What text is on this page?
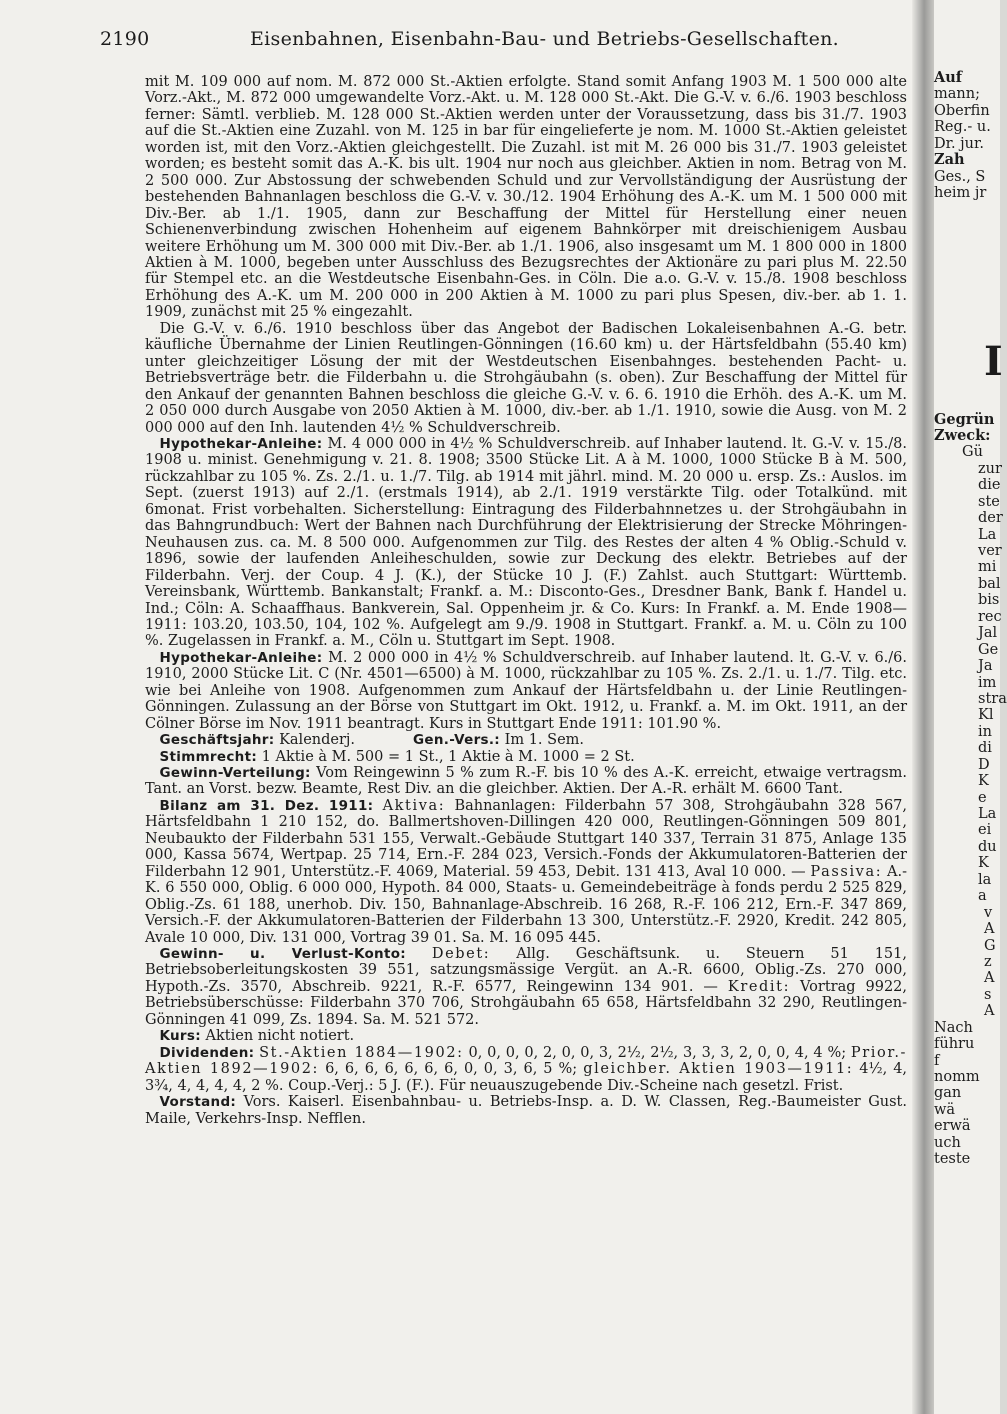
2190	Eisenbahnen, Eisenbahn-Bau- und Betriebs-Gesellschaften.

mit M. 109 000 auf nom. M. 872 000 St.-Aktien erfolgte. Stand somit Anfang 1903 M. 1 500 000 alte Vorz.-Akt., M. 872 000 umgewandelte Vorz.-Akt. u. M. 128 000 St.-Akt. Die G.-V. v. 6./6. 1903 beschloss ferner: Sämtl. verblieb. M. 128 000 St.-Aktien werden unter der Voraussetzung, dass bis 31./7. 1903 auf die St.-Aktien eine Zuzahl. von M. 125 in bar für eingelieferte je nom. M. 1000 St.-Aktien geleistet worden ist, mit den Vorz.-Aktien gleichgestellt. Die Zuzahl. ist mit M. 26 000 bis 31./7. 1903 geleistet worden; es besteht somit das A.-K. bis ult. 1904 nur noch aus gleichber. Aktien in nom. Betrag von M. 2 500 000. Zur Abstossung der schwebenden Schuld und zur Vervollständigung der Ausrüstung der bestehenden Bahnanlagen beschloss die G.-V. v. 30./12. 1904 Erhöhung des A.-K. um M. 1 500 000 mit Div.-Ber. ab 1./1. 1905, dann zur Beschaffung der Mittel für Herstellung einer neuen Schienenverbindung zwischen Hohenheim auf eigenem Bahnkörper mit dreischienigem Ausbau weitere Erhöhung um M. 300 000 mit Div.-Ber. ab 1./1. 1906, also insgesamt um M. 1 800 000 in 1800 Aktien à M. 1000, begeben unter Ausschluss des Bezugsrechtes der Aktionäre zu pari plus M. 22.50 für Stempel etc. an die Westdeutsche Eisenbahn-Ges. in Cöln. Die a.o. G.-V. v. 15./8. 1908 beschloss Erhöhung des A.-K. um M. 200 000 in 200 Aktien à M. 1000 zu pari plus Spesen, div.-ber. ab 1. 1. 1909, zunächst mit 25 % eingezahlt.

 Die G.-V. v. 6./6. 1910 beschloss über das Angebot der Badischen Lokaleisenbahnen A.-G. betr. käufliche Übernahme der Linien Reutlingen-Gönningen (16.60 km) u. der Härtsfeldbahn (55.40 km) unter gleichzeitiger Lösung der mit der Westdeutschen Eisenbahnges. bestehenden Pacht- u. Betriebsverträge betr. die Filderbahn u. die Strohgäubahn (s. oben). Zur Beschaffung der Mittel für den Ankauf der genannten Bahnen beschloss die gleiche G.-V. v. 6. 6. 1910 die Erhöh. des A.-K. um M. 2 050 000 durch Ausgabe von 2050 Aktien à M. 1000, div.-ber. ab 1./1. 1910, sowie die Ausg. von M. 2 000 000 auf den Inh. lautenden 4½ % Schuldverschreib.

 Hypothekar-Anleihe: M. 4 000 000 in 4½ % Schuldverschreib. auf Inhaber lautend. lt. G.-V. v. 15./8. 1908 u. minist. Genehmigung v. 21. 8. 1908; 3500 Stücke Lit. A à M. 1000, 1000 Stücke B à M. 500, rückzahlbar zu 105 %. Zs. 2./1. u. 1./7. Tilg. ab 1914 mit jährl. mind. M. 20 000 u. ersp. Zs.: Auslos. im Sept. (zuerst 1913) auf 2./1. (erstmals 1914), ab 2./1. 1919 verstärkte Tilg. oder Totalkünd. mit 6monat. Frist vorbehalten. Sicherstellung: Eintragung des Filderbahnnetzes u. der Strohgäubahn in das Bahngrundbuch: Wert der Bahnen nach Durchführung der Elektrisierung der Strecke Möhringen-Neuhausen zus. ca. M. 8 500 000. Aufgenommen zur Tilg. des Restes der alten 4 % Oblig.-Schuld v. 1896, sowie der laufenden Anleiheschulden, sowie zur Deckung des elektr. Betriebes auf der Filderbahn. Verj. der Coup. 4 J. (K.), der Stücke 10 J. (F.) Zahlst. auch Stuttgart: Württemb. Vereinsbank, Württemb. Bankanstalt; Frankf. a. M.: Disconto-Ges., Dresdner Bank, Bank f. Handel u. Ind.; Cöln: A. Schaaffhaus. Bankverein, Sal. Oppenheim jr. & Co. Kurs: In Frankf. a. M. Ende 1908—1911: 103.20, 103.50, 104, 102 %. Aufgelegt am 9./9. 1908 in Stuttgart. Frankf. a. M. u. Cöln zu 100 %. Zugelassen in Frankf. a. M., Cöln u. Stuttgart im Sept. 1908.

 Hypothekar-Anleihe: M. 2 000 000 in 4½ % Schuldverschreib. auf Inhaber lautend. lt. G.-V. v. 6./6. 1910, 2000 Stücke Lit. C (Nr. 4501—6500) à M. 1000, rückzahlbar zu 105 %. Zs. 2./1. u. 1./7. Tilg. etc. wie bei Anleihe von 1908. Aufgenommen zum Ankauf der Härtsfeldbahn u. der Linie Reutlingen-Gönningen. Zulassung an der Börse von Stuttgart im Okt. 1912, u. Frankf. a. M. im Okt. 1911, an der Cölner Börse im Nov. 1911 beantragt. Kurs in Stuttgart Ende 1911: 101.90 %.

 Geschäftsjahr: Kalenderj.    	Gen.-Vers.: Im 1. Sem.

 Stimmrecht: 1 Aktie à M. 500 = 1 St., 1 Aktie à M. 1000 = 2 St.

 Gewinn-Verteilung: Vom Reingewinn 5 % zum R.-F. bis 10 % des A.-K. erreicht, etwaige vertragsm. Tant. an Vorst. bezw. Beamte, Rest Div. an die gleichber. Aktien. Der A.-R. erhält M. 6600 Tant.

 Bilanz am 31. Dez. 1911: Aktiva: Bahnanlagen: Filderbahn 57 308, Strohgäubahn 328 567, Härtsfeldbahn 1 210 152, do. Ballmertshoven-Dillingen 420 000, Reutlingen-Gönningen 509 801, Neubaukto der Filderbahn 531 155, Verwalt.-Gebäude Stuttgart 140 337, Terrain 31 875, Anlage 135 000, Kassa 5674, Wertpap. 25 714, Ern.-F. 284 023, Versich.-Fonds der Akkumulatoren-Batterien der Filderbahn 12 901, Unterstütz.-F. 4069, Material. 59 453, Debit. 131 413, Aval 10 000. — Passiva: A.-K. 6 550 000, Oblig. 6 000 000, Hypoth. 84 000, Staats- u. Gemeindebeiträge à fonds perdu 2 525 829, Oblig.-Zs. 61 188, unerhob. Div. 150, Bahnanlage-Abschreib. 16 268, R.-F. 106 212, Ern.-F. 347 869, Versich.-F. der Akkumulatoren-Batterien der Filderbahn 13 300, Unterstütz.-F. 2920, Kredit. 242 805, Avale 10 000, Div. 131 000, Vortrag 39 01. Sa. M. 16 095 445.

 Gewinn- u. Verlust-Konto: Debet: Allg. Geschäftsunk. u. Steuern 51 151, Betriebsoberleitungskosten 39 551, satzungsmässige Vergüt. an A.-R. 6600, Oblig.-Zs. 270 000, Hypoth.-Zs. 3570, Abschreib. 9221, R.-F. 6577, Reingewinn 134 901. — Kredit: Vortrag 9922, Betriebsüberschüsse: Filderbahn 370 706, Strohgäubahn 65 658, Härtsfeldbahn 32 290, Reutlingen-Gönningen 41 099, Zs. 1894. Sa. M. 521 572.

 Kurs: Aktien nicht notiert.

 Dividenden: St.-Aktien 1884—1902: 0, 0, 0, 0, 2, 0, 0, 3, 2½, 2½, 3, 3, 3, 2, 0, 0, 4, 4 %; Prior.-Aktien 1892—1902: 6, 6, 6, 6, 6, 6, 6, 0, 0, 3, 6, 5 %; gleichber. Aktien 1903—1911: 4½, 4, 3¾, 4, 4, 4, 4, 2 %. Coup.-Verj.: 5 J. (F.). Für neuauszugebende Div.-Scheine nach gesetzl. Frist.

 Vorstand: Vors. Kaiserl. Eisenbahnbau- u. Betriebs-Insp. a. D. W. Classen, Reg.-Baumeister Gust. Maile, Verkehrs-Insp. Nefflen.

Auf
mann;
Oberfin
Reg.- u.
Dr. jur.
Zah
Ges., S
heim jr
I
Gegrün
Zweck:
Gü
zur
die
ste
der
La
ver
mi
bal
bis
rec
Jal
Ge
Ja
im
stra
Kl
in
di
D
K
e
La
ei
du
K
la
a
v
A
G
z
A
s
A
Nach
führu
f
nomm
gan
wä
erwä
uch
teste
